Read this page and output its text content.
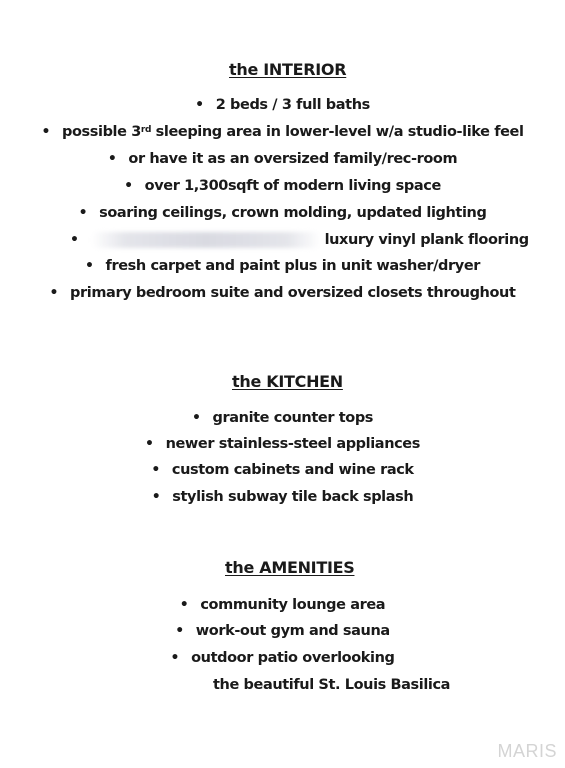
the INTERIOR
• 2 beds / 3 full baths
• possible 3rd sleeping area in lower-level w/a studio-like feel
• or have it as an oversized family/rec-room
• over 1,300sqft of modern living space
• soaring ceilings, crown molding, updated lighting
•	luxury vinyl plank flooring
• fresh carpet and paint plus in unit washer/dryer
• primary bedroom suite and oversized closets throughout
the KITCHEN
• granite counter tops
• newer stainless-steel appliances
• custom cabinets and wine rack
• stylish subway tile back splash
the AMENITIES
• community lounge area
• work-out gym and sauna
• outdoor patio overlooking
the beautiful St. Louis Basilica
MARIS
